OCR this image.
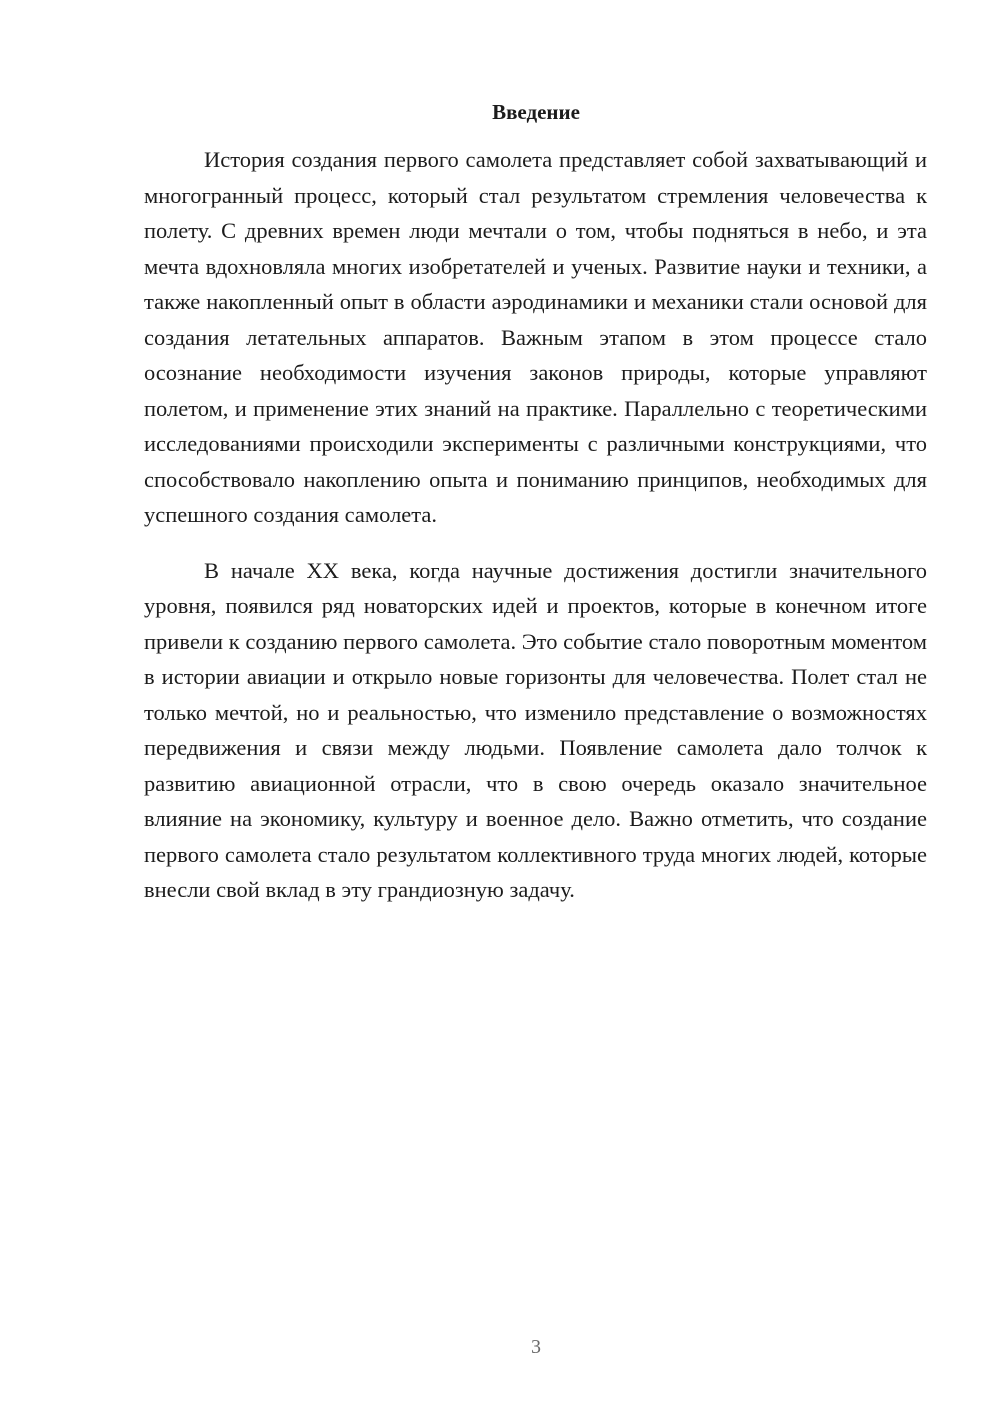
Введение

История создания первого самолета представляет собой захватывающий и многогранный процесс, который стал результатом стремления человечества к полету. С древних времен люди мечтали о том, чтобы подняться в небо, и эта мечта вдохновляла многих изобретателей и ученых. Развитие науки и техники, а также накопленный опыт в области аэродинамики и механики стали основой для создания летательных аппаратов. Важным этапом в этом процессе стало осознание необходимости изучения законов природы, которые управляют полетом, и применение этих знаний на практике. Параллельно с теоретическими исследованиями происходили эксперименты с различными конструкциями, что способствовало накоплению опыта и пониманию принципов, необходимых для успешного создания самолета.

В начале XX века, когда научные достижения достигли значительного уровня, появился ряд новаторских идей и проектов, которые в конечном итоге привели к созданию первого самолета. Это событие стало поворотным моментом в истории авиации и открыло новые горизонты для человечества. Полет стал не только мечтой, но и реальностью, что изменило представление о возможностях передвижения и связи между людьми. Появление самолета дало толчок к развитию авиационной отрасли, что в свою очередь оказало значительное влияние на экономику, культуру и военное дело. Важно отметить, что создание первого самолета стало результатом коллективного труда многих людей, которые внесли свой вклад в эту грандиозную задачу.

3
